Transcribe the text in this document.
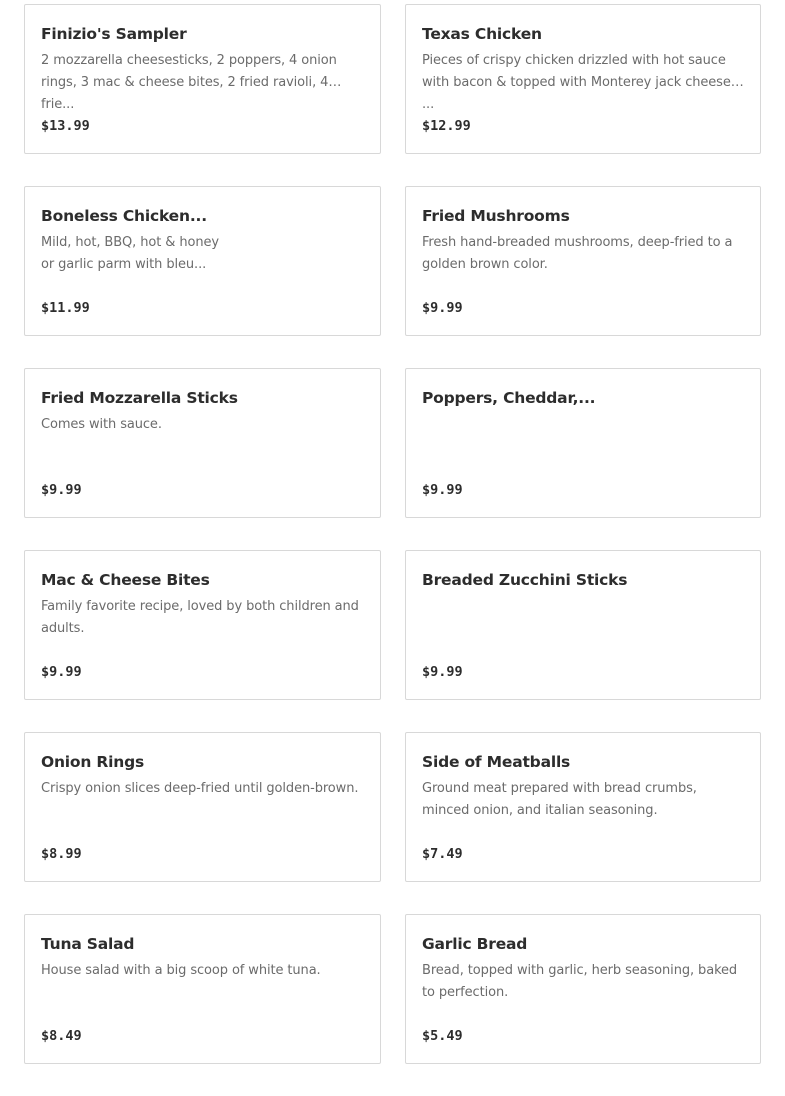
Finizio's Sampler
2 mozzarella cheesesticks, 2 poppers, 4 onion rings, 3 mac & cheese bites, 2 fried ravioli, 4 frie...
$13.99
Texas Chicken
Pieces of crispy chicken drizzled with hot sauce with bacon & topped with Monterey jack cheese ...
$12.99
Boneless Chicken...
Mild, hot, BBQ, hot & honey
or garlic parm with bleu...
$11.99
Fried Mushrooms
Fresh hand-breaded mushrooms, deep-fried to a golden brown color.
$9.99
Fried Mozzarella Sticks
Comes with sauce.
$9.99
Poppers, Cheddar,...
$9.99
Mac & Cheese Bites
Family favorite recipe, loved by both children and adults.
$9.99
Breaded Zucchini Sticks
$9.99
Onion Rings
Crispy onion slices deep-fried until golden-brown.
$8.99
Side of Meatballs
Ground meat prepared with bread crumbs, minced onion, and italian seasoning.
$7.49
Tuna Salad
House salad with a big scoop of white tuna.
$8.49
Garlic Bread
Bread, topped with garlic, herb seasoning, baked to perfection.
$5.49
